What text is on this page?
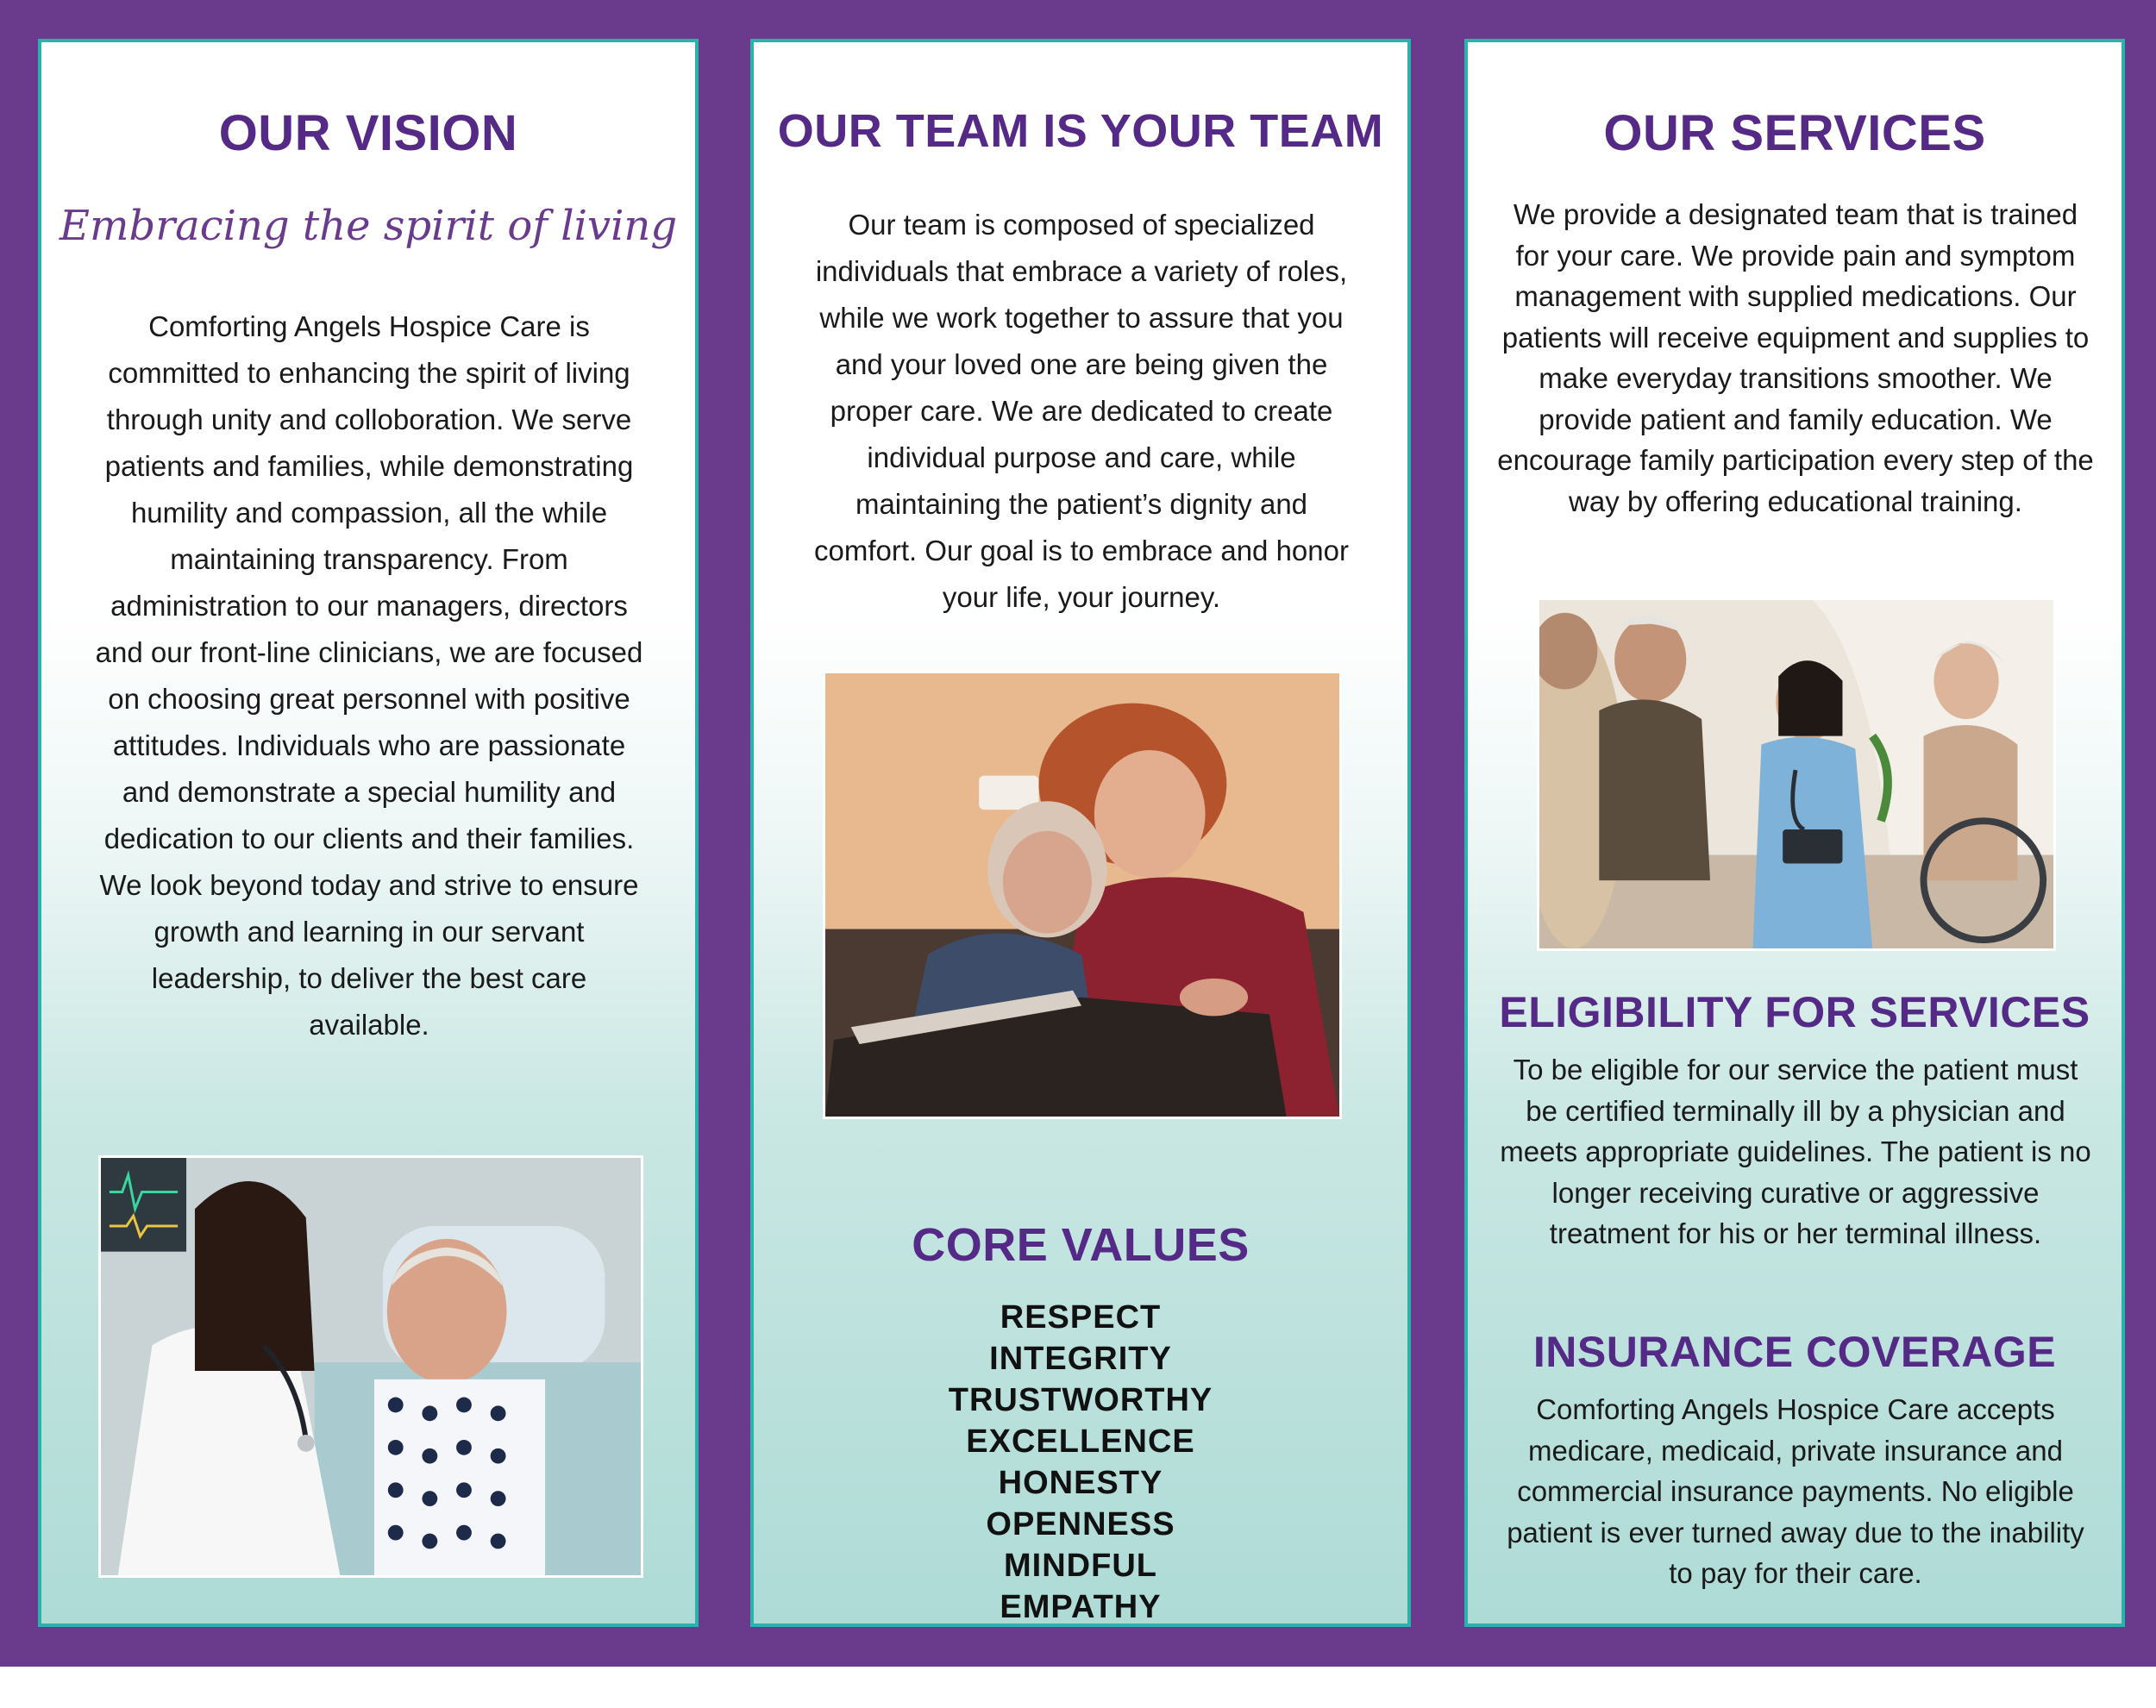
OUR VISION
Embracing the spirit of living

Comforting Angels Hospice Care is committed to enhancing the spirit of living through unity and colloboration. We serve patients and families, while demonstrating humility and compassion, all the while maintaining transparency. From administration to our managers, directors and our front-line clinicians, we are focused on choosing great personnel with positive attitudes. Individuals who are passionate and demonstrate a special humility and dedication to our clients and their families. We look beyond today and strive to ensure growth and learning in our servant leadership, to deliver the best care available.

OUR TEAM IS YOUR TEAM

Our team is composed of specialized individuals that embrace a variety of roles, while we work together to assure that you and your loved one are being given the proper care. We are dedicated to create individual purpose and care, while maintaining the patient’s dignity and comfort. Our goal is to embrace and honor your life, your journey.

CORE VALUES
RESPECT
INTEGRITY
TRUSTWORTHY
EXCELLENCE
HONESTY
OPENNESS
MINDFUL
EMPATHY
OUR SERVICES

We provide a designated team that is trained for your care. We provide pain and symptom management with supplied medications. Our patients will receive equipment and supplies to make everyday transitions smoother. We provide patient and family education. We encourage family participation every step of the way by offering educational training.

ELIGIBILITY FOR SERVICES

To be eligible for our service the patient must be certified terminally ill by a physician and meets appropriate guidelines. The patient is no longer receiving curative or aggressive treatment for his or her terminal illness.

INSURANCE COVERAGE

Comforting Angels Hospice Care accepts medicare, medicaid, private insurance and commercial insurance payments. No eligible patient is ever turned away due to the inability to pay for their care.
